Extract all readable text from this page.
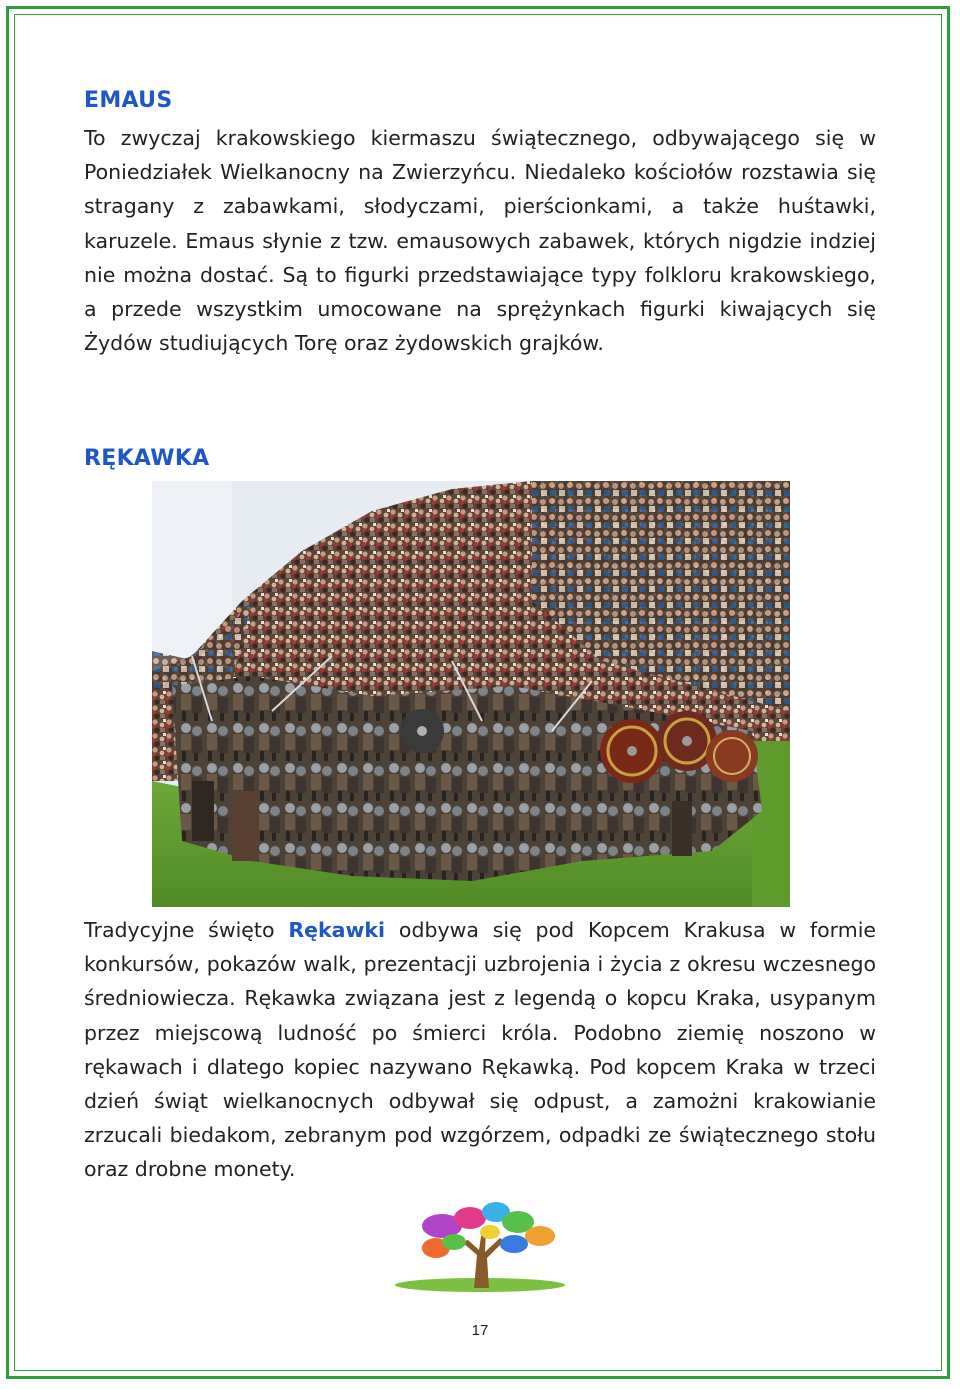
EMAUS

To zwyczaj krakowskiego kiermaszu świątecznego, odbywającego się w Poniedziałek Wielkanocny na Zwierzyńcu. Niedaleko kościołów rozstawia się stragany z zabawkami, słodyczami, pierścionkami, a także huśtawki, karuzele. Emaus słynie z tzw. emausowych zabawek, których nigdzie indziej nie można dostać. Są to figurki przedstawiające typy folkloru krakowskiego, a przede wszystkim umocowane na sprężynkach figurki kiwających się Żydów studiujących Torę oraz żydowskich grajków.

RĘKAWKA

Tradycyjne święto Rękawki odbywa się pod Kopcem Krakusa w formie konkursów, pokazów walk, prezentacji uzbrojenia i życia z okresu wczesnego średniowiecza. Rękawka związana jest z legendą o kopcu Kraka, usypanym przez miejscową ludność po śmierci króla. Podobno ziemię noszono w rękawach i dlatego kopiec nazywano Rękawką. Pod kopcem Kraka w trzeci dzień świąt wielkanocnych odbywał się odpust, a zamożni krakowianie zrzucali biedakom, zebranym pod wzgórzem, odpadki ze świątecznego stołu oraz drobne monety.

17
